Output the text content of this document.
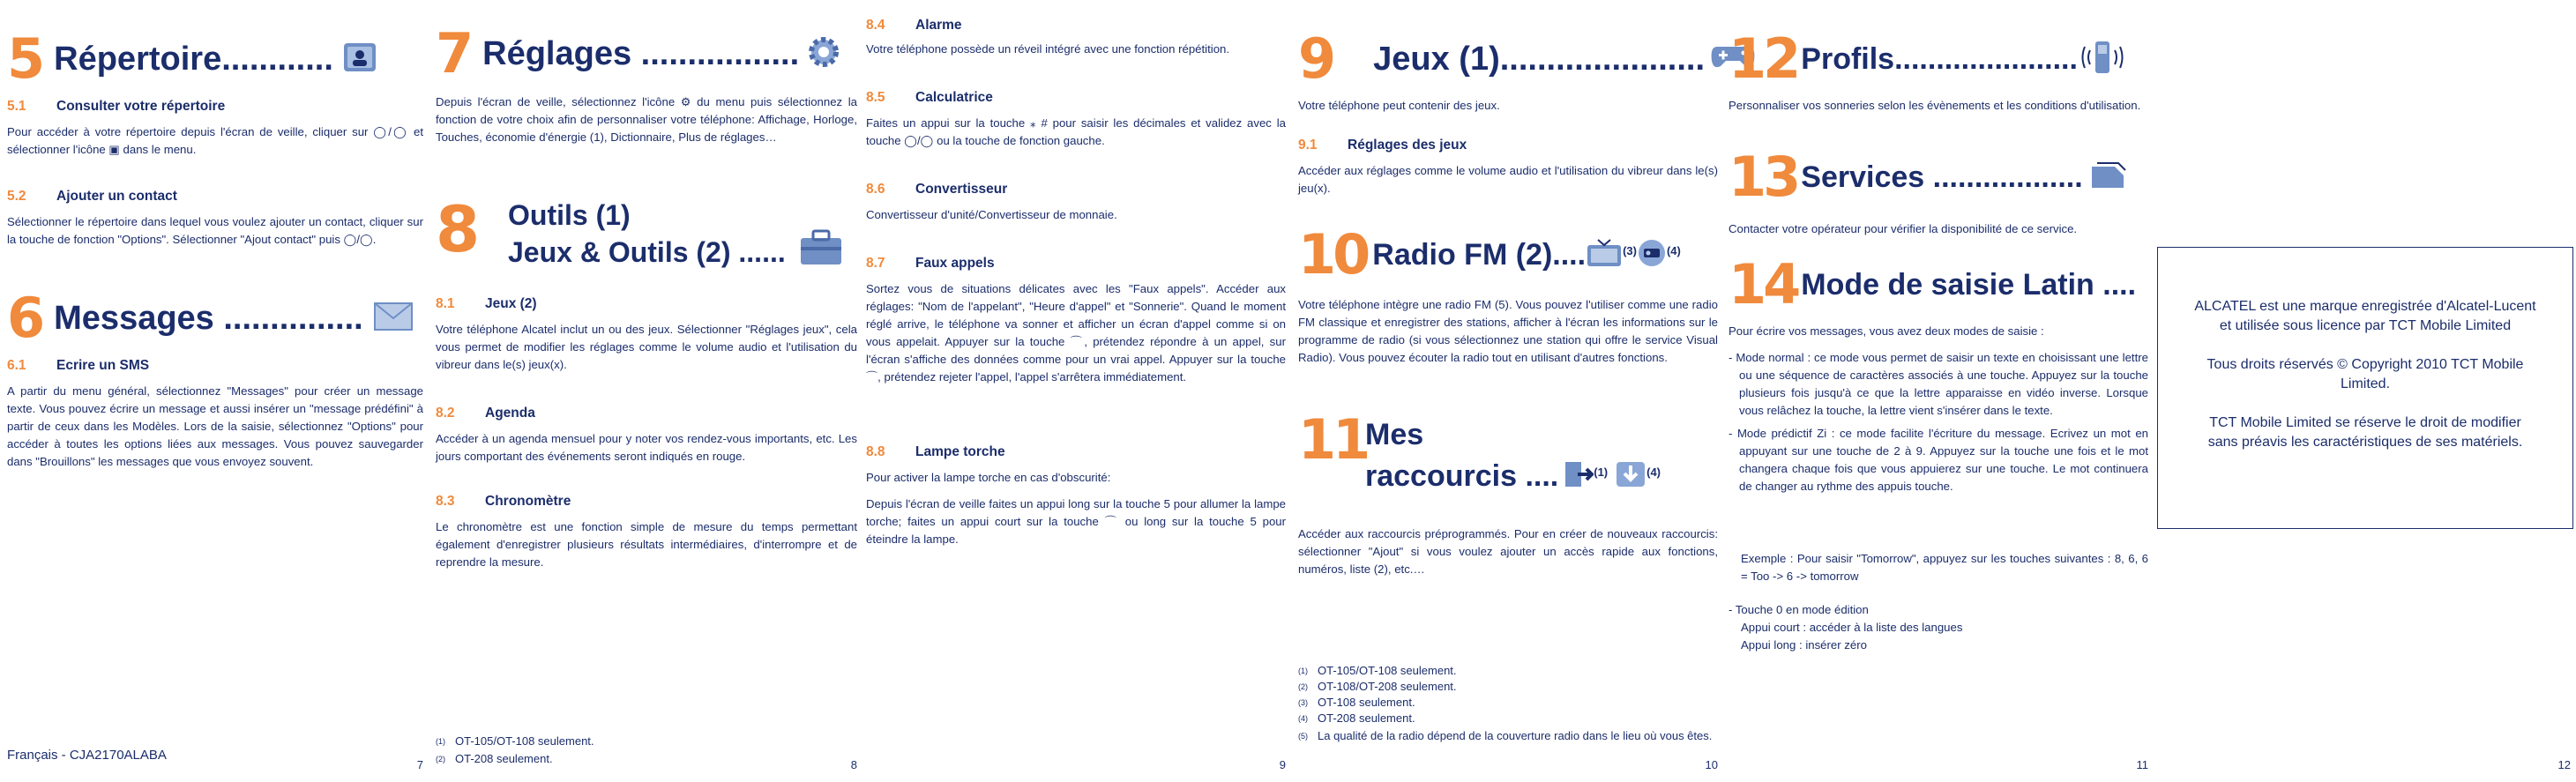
5 Répertoire............
5.1 Consulter votre répertoire
Pour accéder à votre répertoire depuis l'écran de veille, cliquer sur ◯/◯ et sélectionner l'icône ▣ dans le menu.
5.2 Ajouter un contact
Sélectionner le répertoire dans lequel vous voulez ajouter un contact, cliquer sur la touche de fonction "Options". Sélectionner "Ajout contact" puis ◯/◯.
6 Messages ...............
6.1 Ecrire un SMS
A partir du menu général, sélectionnez "Messages" pour créer un message texte. Vous pouvez écrire un message et aussi insérer un "message prédéfini" à partir de ceux dans les Modèles. Lors de la saisie, sélectionnez "Options" pour accéder à toutes les options liées aux messages. Vous pouvez sauvegarder dans "Brouillons" les messages que vous envoyez souvent.
Français - CJA2170ALABA
7
7 Réglages .................
Depuis l'écran de veille, sélectionnez l'icône ⚙ du menu puis sélectionnez la fonction de votre choix afin de personnaliser votre téléphone: Affichage, Horloge, Touches, économie d'énergie (1), Dictionnaire, Plus de réglages…
8 Outils (1)
Jeux & Outils (2) ......
8.1 Jeux (2)
Votre téléphone Alcatel inclut un ou des jeux. Sélectionner "Réglages jeux", cela vous permet de modifier les réglages comme le volume audio et l'utilisation du vibreur dans le(s) jeux(x).
8.2 Agenda
Accéder à un agenda mensuel pour y noter vos rendez-vous importants, etc. Les jours comportant des événements seront indiqués en rouge.
8.3 Chronomètre
Le chronomètre est une fonction simple de mesure du temps permettant également d'enregistrer plusieurs résultats intermédiaires, d'interrompre et de reprendre la mesure.
(1) OT-105/OT-108 seulement.
(2) OT-208 seulement.	8
8.4 Alarme
Votre téléphone possède un réveil intégré avec une fonction répétition.
8.5 Calculatrice
Faites un appui sur la touche ⁎ # pour saisir les décimales et validez avec la touche ◯/◯ ou la touche de fonction gauche.
8.6 Convertisseur
Convertisseur d'unité/Convertisseur de monnaie.
8.7 Faux appels
Sortez vous de situations délicates avec les "Faux appels". Accéder aux réglages: "Nom de l'appelant", "Heure d'appel" et "Sonnerie". Quand le moment réglé arrive, le téléphone va sonner et afficher un écran d'appel comme si on vous appelait. Appuyer sur la touche ⌒, prétendez répondre à un appel, sur l'écran s'affiche des données comme pour un vrai appel. Appuyer sur la touche ⌒, prétendez rejeter l'appel, l'appel s'arrêtera immédiatement.
8.8 Lampe torche
Pour activer la lampe torche en cas d'obscurité:
Depuis l'écran de veille faites un appui long sur la touche 5 pour allumer la lampe torche; faites un appui court sur la touche ⌒ ou long sur la touche 5 pour éteindre la lampe.
9
9 Jeux (1)......................
Votre téléphone peut contenir des jeux.
9.1 Réglages des jeux
Accéder aux réglages comme le volume audio et l'utilisation du vibreur dans le(s) jeu(x).
10 Radio FM (2)....	(3)	(4)
Votre téléphone intègre une radio FM (5). Vous pouvez l'utiliser comme une radio FM classique et enregistrer des stations, afficher à l'écran les informations sur le programme de radio (si vous sélectionnez une station qui offre le service Visual Radio). Vous pouvez écouter la radio tout en utilisant d'autres fonctions.
11
Mes
raccourcis ....	(1)	(4)
Accéder aux raccourcis préprogrammés. Pour en créer de nouveaux raccourcis: sélectionner "Ajout" si vous voulez ajouter un accès rapide aux fonctions, numéros, liste (2), etc.…
(1) OT-105/OT-108 seulement.
(2) OT-108/OT-208 seulement.
(3) OT-108 seulement.
(4) OT-208 seulement.
(5) La qualité de la radio dépend de la couverture radio dans le lieu où vous êtes.
10
12 Profils......................
Personnaliser vos sonneries selon les évènements et les conditions d'utilisation.
13 Services ..................
Contacter votre opérateur pour vérifier la disponibilité de ce service.
14 Mode de saisie Latin ....
Pour écrire vos messages, vous avez deux modes de saisie :
- Mode normal : ce mode vous permet de saisir un texte en choisissant une lettre ou une séquence de caractères associés à une touche. Appuyez sur la touche plusieurs fois jusqu'à ce que la lettre apparaisse en vidéo inverse. Lorsque vous relâchez la touche, la lettre vient s'insérer dans le texte.
- Mode prédictif Zi : ce mode facilite l'écriture du message. Ecrivez un mot en appuyant sur une touche de 2 à 9. Appuyez sur la touche une fois et le mot changera chaque fois que vous appuierez sur une touche. Le mot continuera de changer au rythme des appuis touche.
Exemple : Pour saisir "Tomorrow", appuyez sur les touches suivantes : 8, 6, 6 = Too -> 6 -> tomorrow
- Touche 0 en mode édition
Appui court : accéder à la liste des langues
Appui long : insérer zéro
11

ALCATEL est une marque enregistrée d'Alcatel-Lucent et utilisée sous licence par TCT Mobile Limited

Tous droits réservés © Copyright 2010 TCT Mobile Limited.

TCT Mobile Limited se réserve le droit de modifier sans préavis les caractéristiques de ses matériels.

12
